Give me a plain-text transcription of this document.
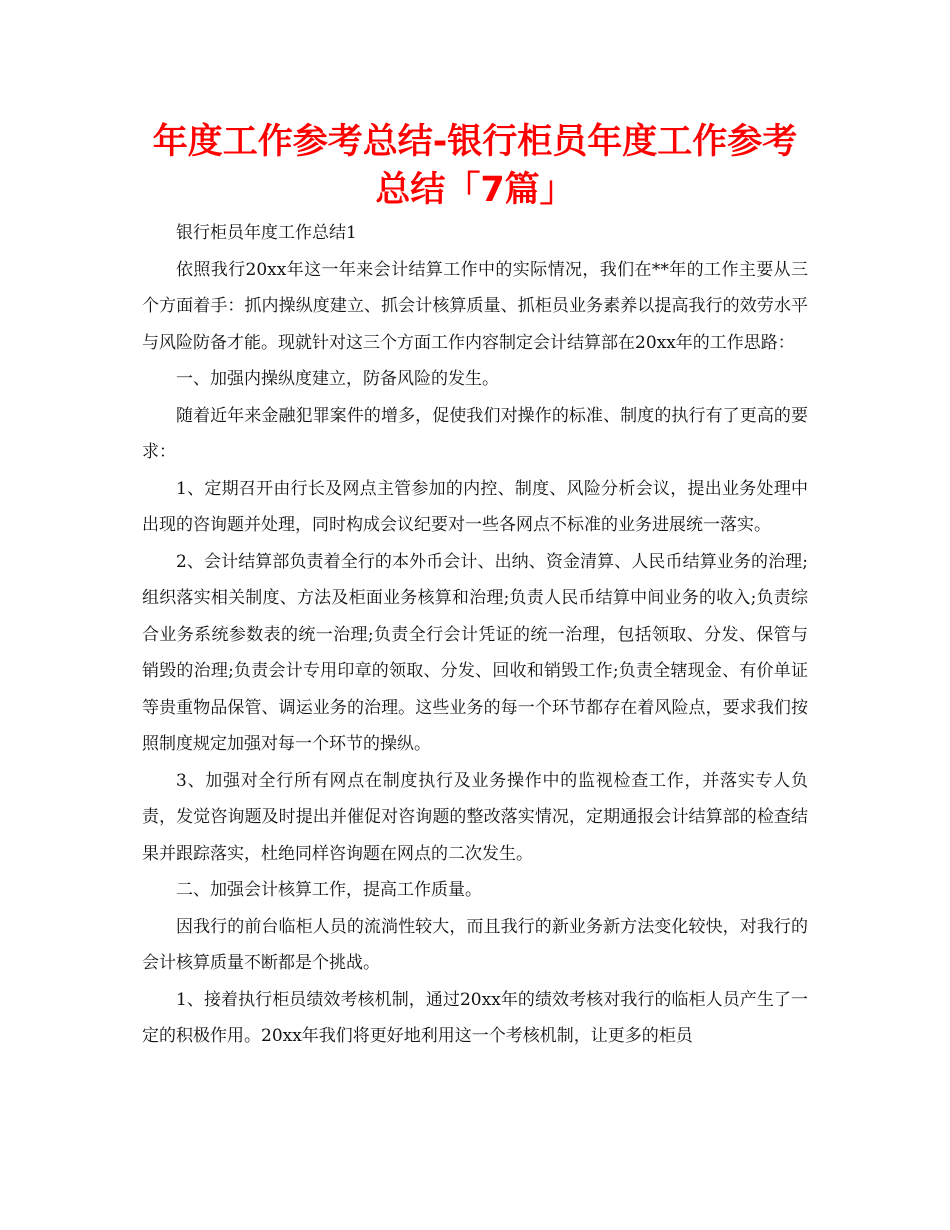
年度工作参考总结-银行柜员年度工作参考总结「7篇」

银行柜员年度工作总结1

依照我行20xx年这一年来会计结算工作中的实际情况，我们在**年的工作主要从三个方面着手：抓内操纵度建立、抓会计核算质量、抓柜员业务素养以提高我行的效劳水平与风险防备才能。现就针对这三个方面工作内容制定会计结算部在20xx年的工作思路：

一、加强内操纵度建立，防备风险的发生。

随着近年来金融犯罪案件的增多，促使我们对操作的标准、制度的执行有了更高的要求：

1、定期召开由行长及网点主管参加的内控、制度、风险分析会议，提出业务处理中出现的咨询题并处理，同时构成会议纪要对一些各网点不标准的业务进展统一落实。

2、会计结算部负责着全行的本外币会计、出纳、资金清算、人民币结算业务的治理;组织落实相关制度、方法及柜面业务核算和治理;负责人民币结算中间业务的收入;负责综合业务系统参数表的统一治理;负责全行会计凭证的统一治理，包括领取、分发、保管与销毁的治理;负责会计专用印章的领取、分发、回收和销毁工作;负责全辖现金、有价单证等贵重物品保管、调运业务的治理。这些业务的每一个环节都存在着风险点，要求我们按照制度规定加强对每一个环节的操纵。

3、加强对全行所有网点在制度执行及业务操作中的监视检查工作，并落实专人负责，发觉咨询题及时提出并催促对咨询题的整改落实情况，定期通报会计结算部的检查结果并跟踪落实，杜绝同样咨询题在网点的二次发生。

二、加强会计核算工作，提高工作质量。

因我行的前台临柜人员的流淌性较大，而且我行的新业务新方法变化较快，对我行的会计核算质量不断都是个挑战。

1、接着执行柜员绩效考核机制，通过20xx年的绩效考核对我行的临柜人员产生了一定的积极作用。20xx年我们将更好地利用这一个考核机制，让更多的柜员
